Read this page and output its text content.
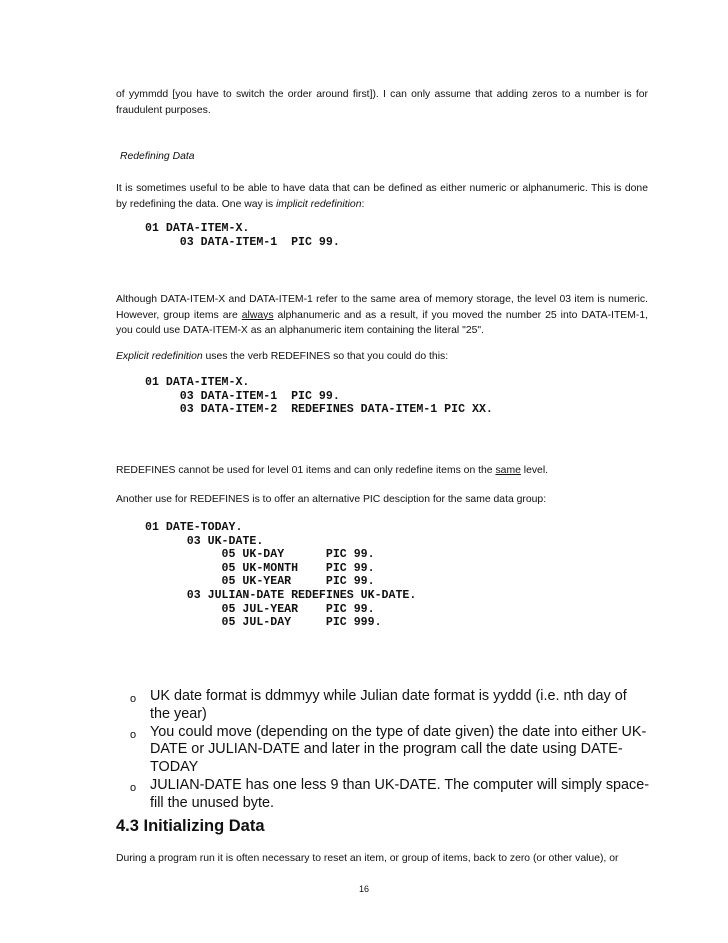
of yymmdd [you have to switch the order around first]). I can only assume that adding zeros to a number is for fraudulent purposes.

Redefining Data

It is sometimes useful to be able to have data that can be defined as either numeric or alphanumeric. This is done by redefining the data. One way is implicit redefinition:

01 DATA-ITEM-X.
03 DATA-ITEM-1  PIC 99.

Although DATA-ITEM-X and DATA-ITEM-1 refer to the same area of memory storage, the level 03 item is numeric. However, group items are always alphanumeric and as a result, if you moved the number 25 into DATA-ITEM-1, you could use DATA-ITEM-X as an alphanumeric item containing the literal "25".

Explicit redefinition uses the verb REDEFINES so that you could do this:

01 DATA-ITEM-X.
03 DATA-ITEM-1  PIC 99.
03 DATA-ITEM-2  REDEFINES DATA-ITEM-1 PIC XX.

REDEFINES cannot be used for level 01 items and can only redefine items on the same level.

Another use for REDEFINES is to offer an alternative PIC desciption for the same data group:

01 DATE-TODAY.
03 UK-DATE.
05 UK-DAY      PIC 99.
05 UK-MONTH    PIC 99.
05 UK-YEAR     PIC 99.
03 JULIAN-DATE REDEFINES UK-DATE.
05 JUL-YEAR    PIC 99.
05 JUL-DAY     PIC 999.
o UK date format is ddmmyy while Julian date format is yyddd (i.e. nth day of the year)
o You could move (depending on the type of date given) the date into either UK-DATE or JULIAN-DATE and later in the program call the date using DATE-TODAY
o JULIAN-DATE has one less 9 than UK-DATE. The computer will simply space-fill the unused byte.
4.3 Initializing Data

During a program run it is often necessary to reset an item, or group of items, back to zero (or other value), or

16
